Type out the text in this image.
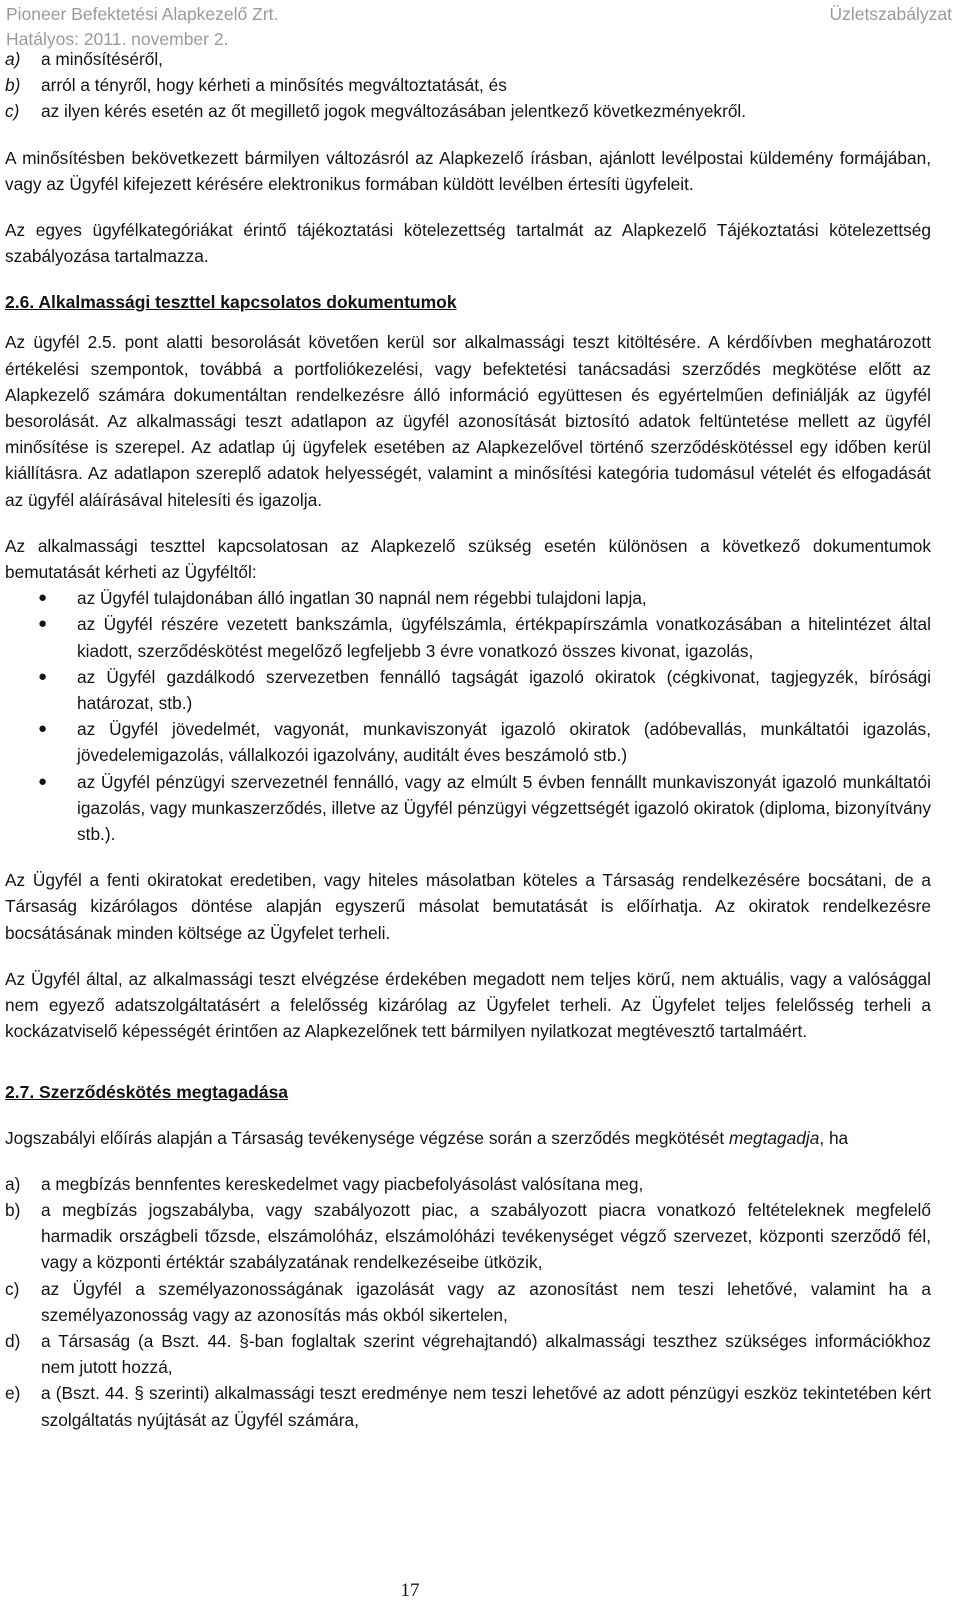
Pioneer Befektetési Alapkezelő Zrt.
Hatályos: 2011. november 2.
Üzletszabályzat
a) a minősítéséről,
b) arról a tényről, hogy kérheti a minősítés megváltoztatását, és
c) az ilyen kérés esetén az őt megillető jogok megváltozásában jelentkező következményekről.

A minősítésben bekövetkezett bármilyen változásról az Alapkezelő írásban, ajánlott levélpostai küldemény formájában, vagy az Ügyfél kifejezett kérésére elektronikus formában küldött levélben értesíti ügyfeleit.

Az egyes ügyfélkategóriákat érintő tájékoztatási kötelezettség tartalmát az Alapkezelő Tájékoztatási kötelezettség szabályozása tartalmazza.

2.6. Alkalmassági teszttel kapcsolatos dokumentumok

Az ügyfél 2.5. pont alatti besorolását követően kerül sor alkalmassági teszt kitöltésére. A kérdőívben meghatározott értékelési szempontok, továbbá a portfoliókezelési, vagy befektetési tanácsadási szerződés megkötése előtt az Alapkezelő számára dokumentáltan rendelkezésre álló információ együttesen és egyértelműen definiálják az ügyfél besorolását. Az alkalmassági teszt adatlapon az ügyfél azonosítását biztosító adatok feltüntetése mellett az ügyfél minősítése is szerepel. Az adatlap új ügyfelek esetében az Alapkezelővel történő szerződéskötéssel egy időben kerül kiállításra. Az adatlapon szereplő adatok helyességét, valamint a minősítési kategória tudomásul vételét és elfogadását az ügyfél aláírásával hitelesíti és igazolja.

Az alkalmassági teszttel kapcsolatosan az Alapkezelő szükség esetén különösen a következő dokumentumok bemutatását kérheti az Ügyféltől:

● az Ügyfél tulajdonában álló ingatlan 30 napnál nem régebbi tulajdoni lapja,
● az Ügyfél részére vezetett bankszámla, ügyfélszámla, értékpapírszámla vonatkozásában a hitelintézet által kiadott, szerződéskötést megelőző legfeljebb 3 évre vonatkozó összes kivonat, igazolás,
● az Ügyfél gazdálkodó szervezetben fennálló tagságát igazoló okiratok (cégkivonat, tagjegyzék, bírósági határozat, stb.)
● az Ügyfél jövedelmét, vagyonát, munkaviszonyát igazoló okiratok (adóbevallás, munkáltatói igazolás, jövedelemigazolás, vállalkozói igazolvány, auditált éves beszámoló stb.)
● az Ügyfél pénzügyi szervezetnél fennálló, vagy az elmúlt 5 évben fennállt munkaviszonyát igazoló munkáltatói igazolás, vagy munkaszerződés, illetve az Ügyfél pénzügyi végzettségét igazoló okiratok (diploma, bizonyítvány stb.).

Az Ügyfél a fenti okiratokat eredetiben, vagy hiteles másolatban köteles a Társaság rendelkezésére bocsátani, de a Társaság kizárólagos döntése alapján egyszerű másolat bemutatását is előírhatja. Az okiratok rendelkezésre bocsátásának minden költsége az Ügyfelet terheli.

Az Ügyfél által, az alkalmassági teszt elvégzése érdekében megadott nem teljes körű, nem aktuális, vagy a valósággal nem egyező adatszolgáltatásért a felelősség kizárólag az Ügyfelet terheli. Az Ügyfelet teljes felelősség terheli a kockázatviselő képességét érintően az Alapkezelőnek tett bármilyen nyilatkozat megtévesztő tartalmáért.

2.7. Szerződéskötés megtagadása

Jogszabályi előírás alapján a Társaság tevékenysége végzése során a szerződés megkötését megtagadja, ha

a) a megbízás bennfentes kereskedelmet vagy piacbefolyásolást valósítana meg,
b) a megbízás jogszabályba, vagy szabályozott piac, a szabályozott piacra vonatkozó feltételeknek megfelelő harmadik országbeli tőzsde, elszámolóház, elszámolóházi tevékenységet végző szervezet, központi szerződő fél, vagy a központi értéktár szabályzatának rendelkezéseibe ütközik,
c) az Ügyfél a személyazonosságának igazolását vagy az azonosítást nem teszi lehetővé, valamint ha a személyazonosság vagy az azonosítás más okból sikertelen,
d) a Társaság (a Bszt. 44. §-ban foglaltak szerint végrehajtandó) alkalmassági teszthez szükséges információkhoz nem jutott hozzá,
e) a (Bszt. 44. § szerinti) alkalmassági teszt eredménye nem teszi lehetővé az adott pénzügyi eszköz tekintetében kért szolgáltatás nyújtását az Ügyfél számára,
17
